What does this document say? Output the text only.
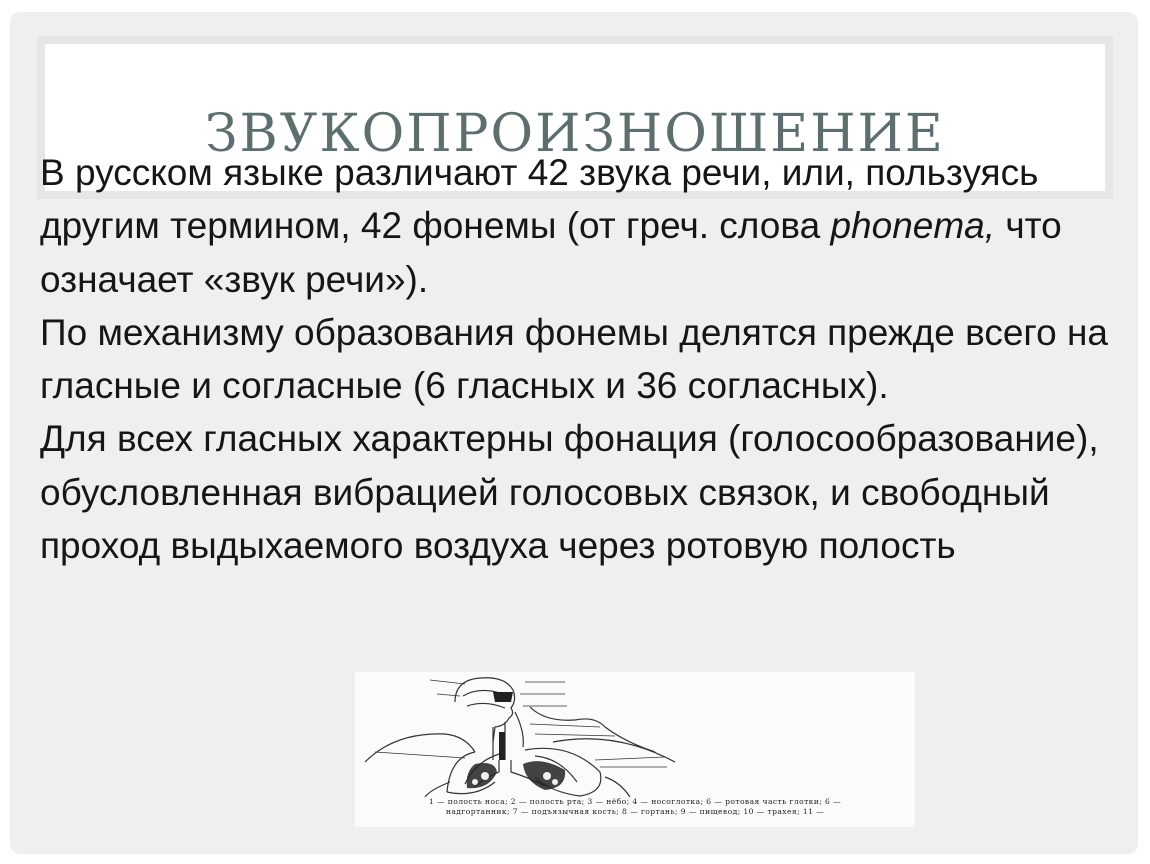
ЗВУКОПРОИЗНОШЕНИЕ

В русском языке различают 42 звука речи, или, пользуясь другим термином, 42 фонемы (от греч. слова phonema, что означает «звук речи»).

По механизму образования фонемы делятся прежде всего на гласные и согласные (6 гласных и 36 согласных).

Для всех гласных характерны фонация (голосообразование), обусловленная вибрацией голосовых связок, и свободный проход выдыхаемого воздуха через ротовую полость

1 — полость носа; 2 — полость рта; 3 — нёбо; 4 — носоглотка; 6 — ротовая часть глотки; 6 —
надгортанник; 7 — подъязычная кость; 8 — гортань; 9 — пищевод; 10 — трахея; 11 —
